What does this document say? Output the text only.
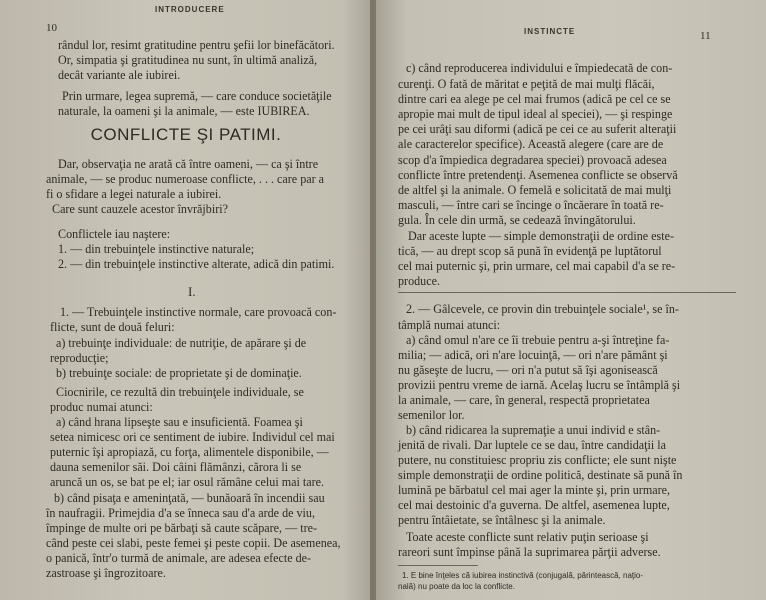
INTRODUCERE
10
rândul lor, resimt gratitudine pentru şefii lor binefăcători.
Or, simpatia şi gratitudinea nu sunt, în ultimă analiză,
decât variante ale iubirei.
Prin urmare, legea supremă, — care conduce societăţile
naturale, la oameni şi la animale, — este IUBIREA.
CONFLICTE ŞI PATIMI.
Dar, observaţia ne arată că între oameni, — ca şi între
animale, — se produc numeroase conflicte, . . . care par a
fi o sfidare a legei naturale a iubirei.
Care sunt cauzele acestor învrăjbiri?
Conflictele iau naştere:
1. — din trebuinţele instinctive naturale;
2. — din trebuinţele instinctive alterate, adică din patimi.
I.
1. — Trebuinţele instinctive normale, care provoacă con-
flicte, sunt de două feluri:
a) trebuinţe individuale: de nutriţie, de apărare şi de
reproducţie;
b) trebuinţe sociale: de proprietate şi de dominaţie.
Ciocnirile, ce rezultă din trebuinţele individuale, se
produc numai atunci:
a) când hrana lipseşte sau e insuficientă. Foamea şi
setea nimicesc ori ce sentiment de iubire. Individul cel mai
puternic îşi apropiază, cu forţa, alimentele disponibile, —
dauna semenilor săi. Doi câini flămânzi, cărora li se
aruncă un os, se bat pe el; iar osul rămâne celui mai tare.
b) când pisaţa e ameninţată, — bunăoară în incendii sau
în naufragii. Primejdia d'a se înneca sau d'a arde de viu,
împinge de multe ori pe bărbaţi să caute scăpare, — tre-
când peste cei slabi, peste femei şi peste copii. De asemenea,
o panică, într'o turmă de animale, are adesea efecte de-
zastroase şi îngrozitoare.
INSTINCTE	11
c) când reproducerea individului e împiedecată de con-
curenţi. O fată de măritat e peţită de mai mulţi flăcăi,
dintre cari ea alege pe cel mai frumos (adică pe cel ce se
apropie mai mult de tipul ideal al speciei), — şi respinge
pe cei urâţi sau diformi (adică pe cei ce au suferit alteraţii
ale caracterelor specifice). Această alegere (care are de
scop d'a împiedica degradarea speciei) provoacă adesea
conflicte între pretendenţi. Asemenea conflicte se observă
de altfel şi la animale. O femelă e solicitată de mai mulţi
masculi, — între cari se încinge o încăerare în toată re-
gula. În cele din urmă, se cedează învingătorului.
Dar aceste lupte — simple demonstraţii de ordine este-
tică, — au drept scop să pună în evidenţă pe luptătorul
cel mai puternic şi, prin urmare, cel mai capabil d'a se re-
produce.
2. — Gâlcevele, ce provin din trebuinţele sociale¹, se în-
tâmplă numai atunci:
a) când omul n'are ce îi trebuie pentru a-şi întreţine fa-
milia; — adică, ori n'are locuinţă, — ori n'are pământ şi
nu găseşte de lucru, — ori n'a putut să îşi agonisească
provizii pentru vreme de iarnă. Acelaş lucru se întâmplă şi
la animale, — care, în general, respectă proprietatea
semenilor lor.
b) când ridicarea la supremaţie a unui individ e stân-
jenită de rivali. Dar luptele ce se dau, între candidaţii la
putere, nu constituiesc propriu zis conflicte; ele sunt nişte
simple demonstraţii de ordine politică, destinate să pună în
lumină pe bărbatul cel mai ager la minte şi, prin urmare,
cel mai destoinic d'a guverna. De altfel, asemenea lupte,
pentru întâietate, se întâlnesc şi la animale.
Toate aceste conflicte sunt relativ puţin serioase şi
rareori sunt împinse până la suprimarea părţii adverse.
1. E bine înţeles că iubirea instinctivă (conjugală, părintească, naţio-
nală) nu poate da loc la conflicte.
